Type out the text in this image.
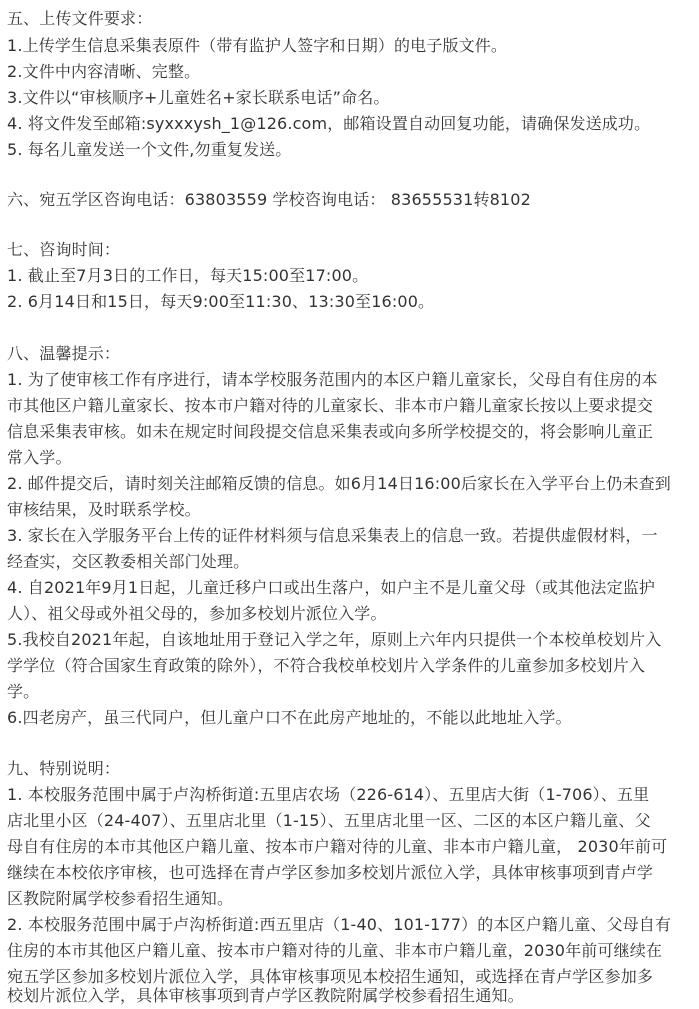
五、上传文件要求：
1.上传学生信息采集表原件（带有监护人签字和日期）的电子版文件。
2.文件中内容清晰、完整。
3.文件以“审核顺序+儿童姓名+家长联系电话”命名。
4. 将文件发至邮箱:syxxxysh_1@126.com，邮箱设置自动回复功能，请确保发送成功。
5. 每名儿童发送一个文件,勿重复发送。
六、宛五学区咨询电话：63803559 学校咨询电话： 83655531转8102
七、咨询时间：
1. 截止至7月3日的工作日，每天15:00至17:00。
2. 6月14日和15日，每天9:00至11:30、13:30至16:00。
八、温馨提示：
1. 为了使审核工作有序进行，请本学校服务范围内的本区户籍儿童家长，父母自有住房的本
市其他区户籍儿童家长、按本市户籍对待的儿童家长、非本市户籍儿童家长按以上要求提交
信息采集表审核。如未在规定时间段提交信息采集表或向多所学校提交的，将会影响儿童正
常入学。
2. 邮件提交后，请时刻关注邮箱反馈的信息。如6月14日16:00后家长在入学平台上仍未查到
审核结果，及时联系学校。
3. 家长在入学服务平台上传的证件材料须与信息采集表上的信息一致。若提供虚假材料，一
经查实，交区教委相关部门处理。
4. 自2021年9月1日起，儿童迁移户口或出生落户，如户主不是儿童父母（或其他法定监护
人）、祖父母或外祖父母的，参加多校划片派位入学。
5.我校自2021年起，自该地址用于登记入学之年，原则上六年内只提供一个本校单校划片入
学学位（符合国家生育政策的除外），不符合我校单校划片入学条件的儿童参加多校划片入
学。
6.四老房产，虽三代同户，但儿童户口不在此房产地址的，不能以此地址入学。
九、特别说明：
1. 本校服务范围中属于卢沟桥街道:五里店农场（226-614）、五里店大街（1-706）、五里
店北里小区（24-407）、五里店北里（1-15）、五里店北里一区、二区的本区户籍儿童、父
母自有住房的本市其他区户籍儿童、按本市户籍对待的儿童、非本市户籍儿童， 2030年前可
继续在本校依序审核，也可选择在青卢学区参加多校划片派位入学，具体审核事项到青卢学
区教院附属学校参看招生通知。
2. 本校服务范围中属于卢沟桥街道:西五里店（1-40、101-177）的本区户籍儿童、父母自有
住房的本市其他区户籍儿童、按本市户籍对待的儿童、非本市户籍儿童，2030年前可继续在
宛五学区参加多校划片派位入学，具体审核事项见本校招生通知，或选择在青卢学区参加多
校划片派位入学，具体审核事项到青卢学区教院附属学校参看招生通知。
